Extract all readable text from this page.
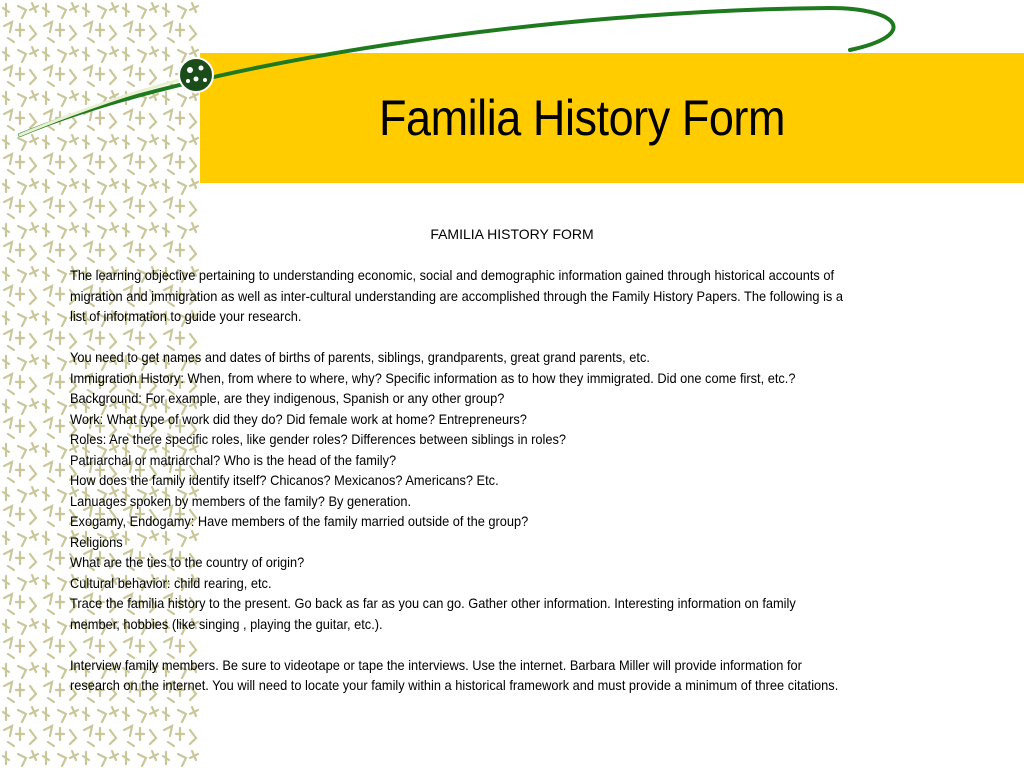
Familia History Form

FAMILIA HISTORY FORM

The learning objective pertaining to understanding economic, social and demographic information gained through historical accounts of
migration and immigration as well as inter-cultural understanding are accomplished through the Family History Papers. The following is a
list of information to guide your research.
You need to get names and dates of births of parents, siblings, grandparents, great grand parents, etc.
Immigration History: When, from where to where, why? Specific information as to how they immigrated. Did one come first, etc.?
Background: For example, are they indigenous, Spanish or any other group?
Work: What type of work did they do? Did female work at home? Entrepreneurs?
Roles: Are there specific roles, like gender roles? Differences between siblings in roles?
Patriarchal or matriarchal? Who is the head of the family?
How does the family identify itself? Chicanos? Mexicanos? Americans? Etc.
Lanuages spoken by members of the family? By generation.
Exogamy, Endogamy: Have members of the family married outside of the group?
Religions
What are the ties to the country of origin?
Cultural behavior: child rearing, etc.
Trace the familia history to the present. Go back as far as you can go. Gather other information. Interesting information on family
member, hobbies (like singing , playing the guitar, etc.).
Interview family members. Be sure to videotape or tape the interviews. Use the internet. Barbara Miller will provide information for
research on the internet. You will need to locate your family within a historical framework and must provide a minimum of three citations.
